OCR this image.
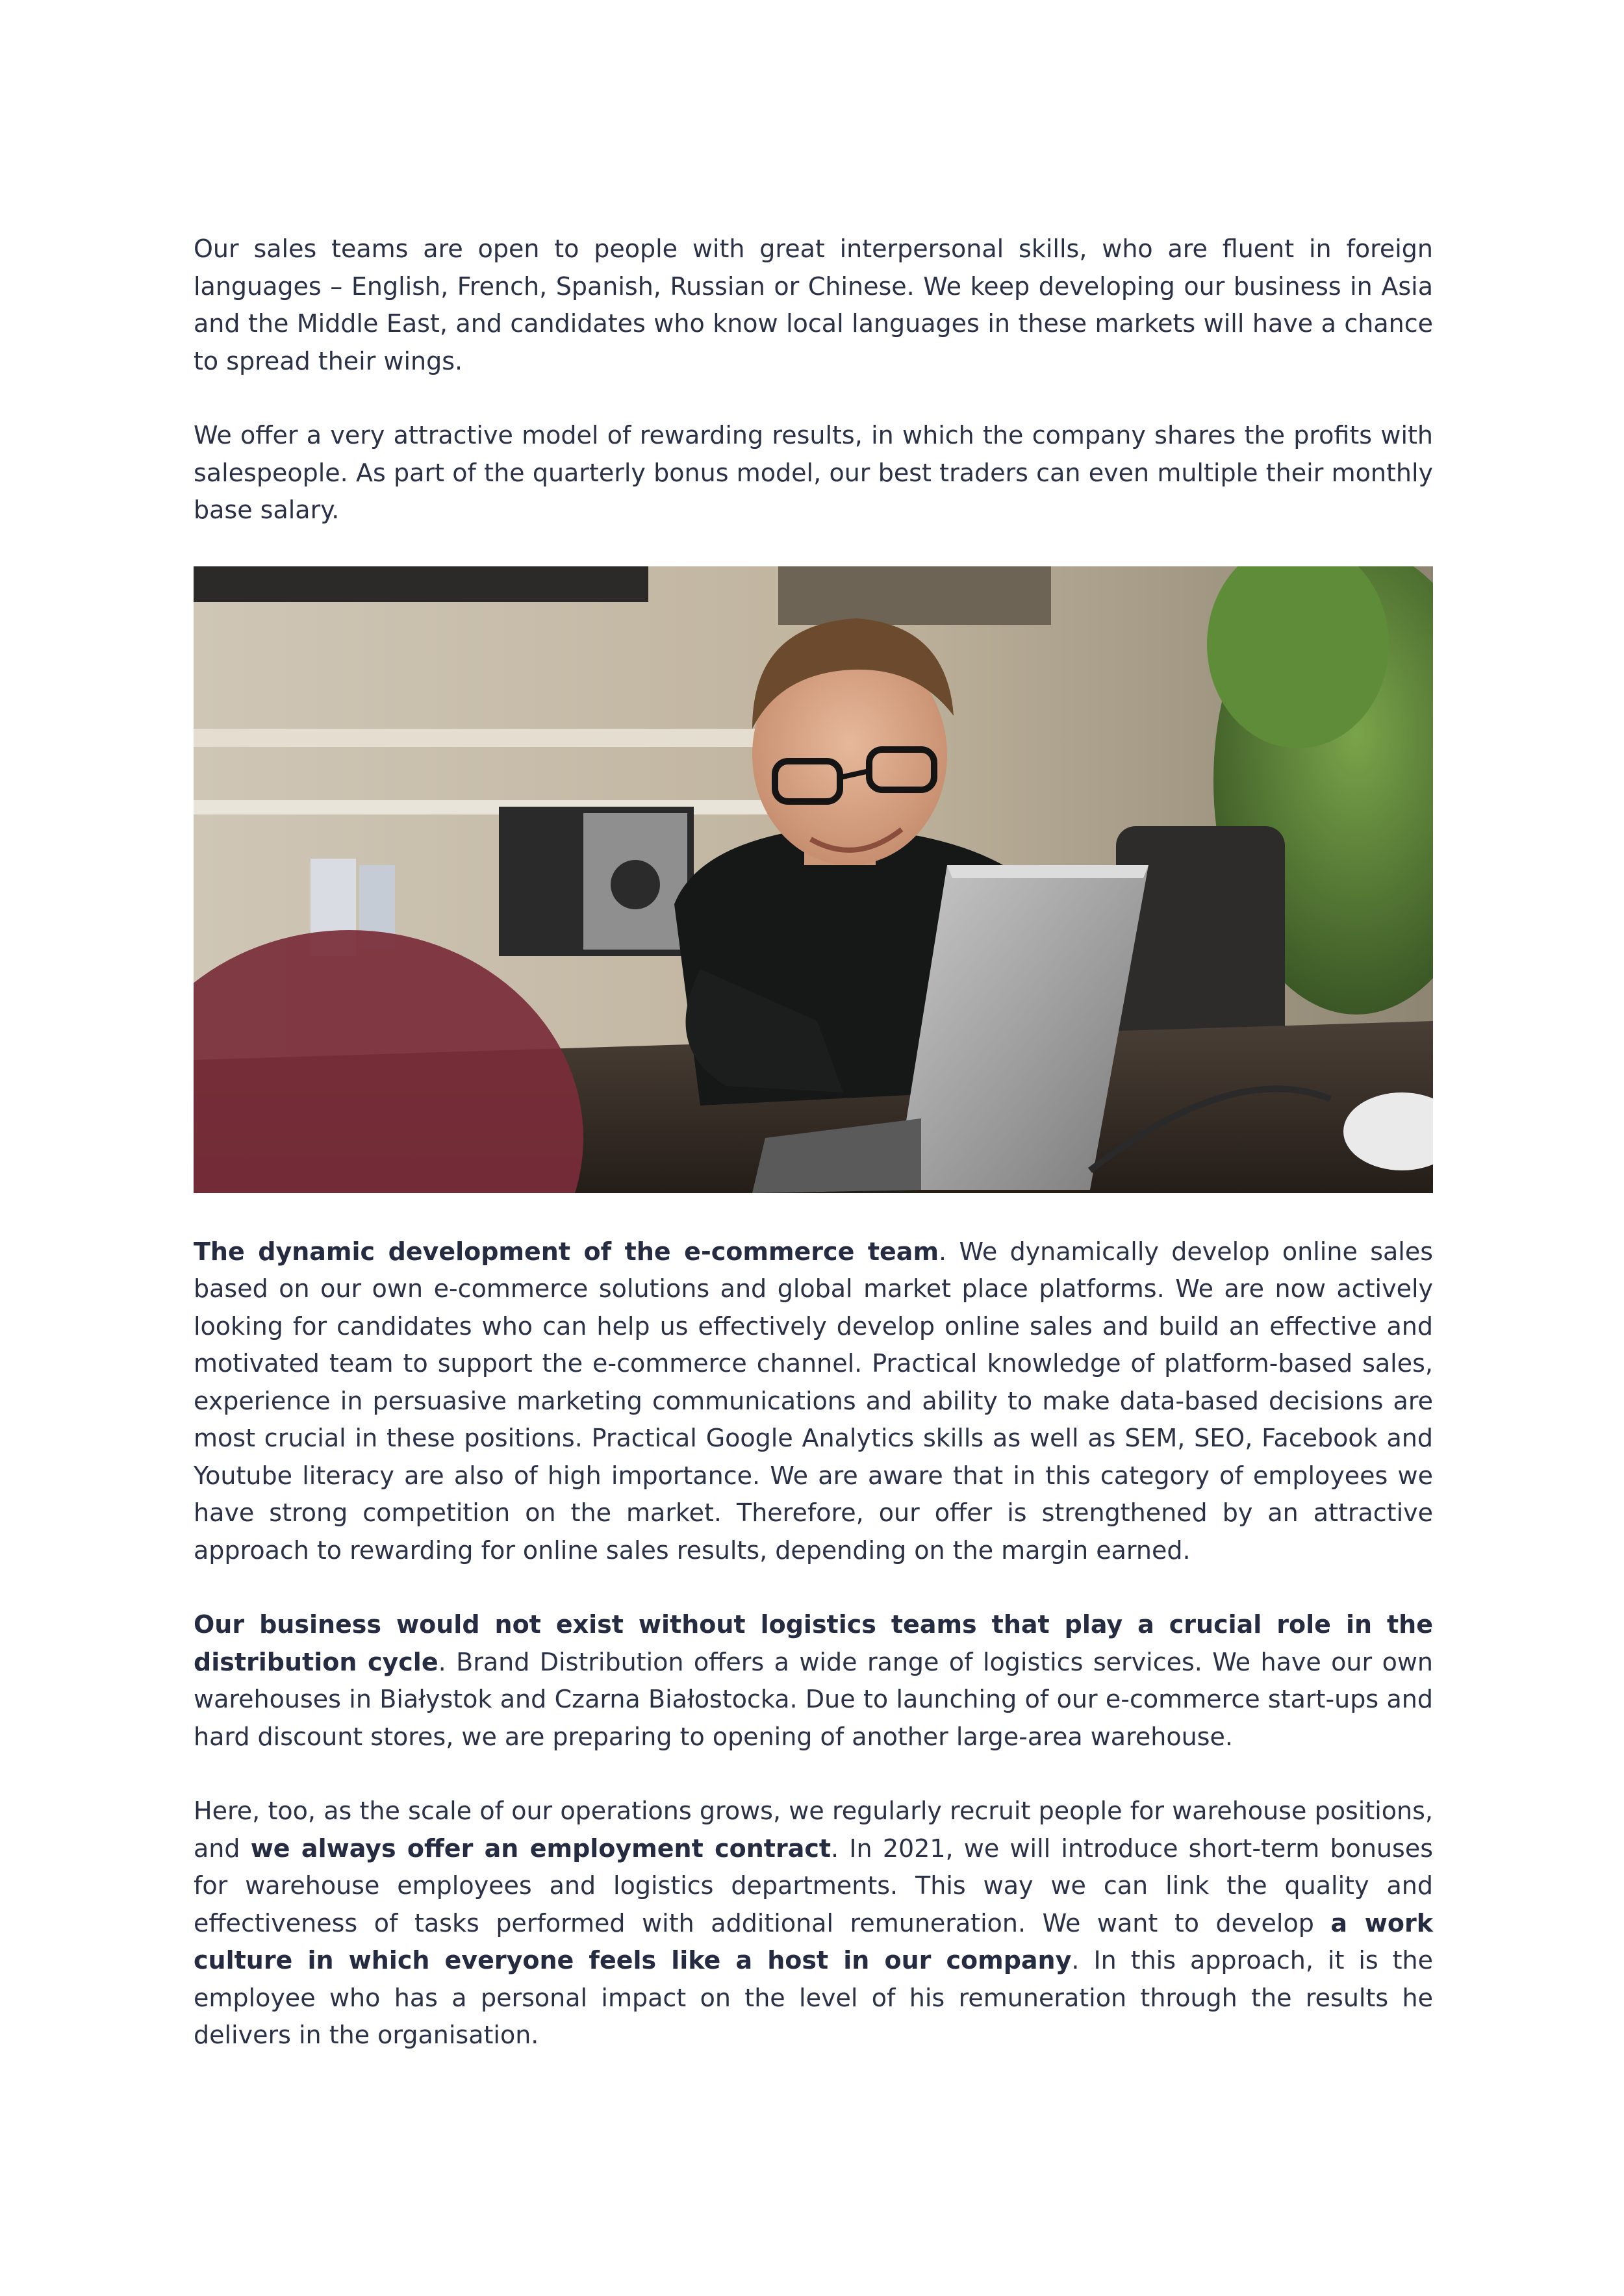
Our sales teams are open to people with great interpersonal skills, who are fluent in foreign languages – English, French, Spanish, Russian or Chinese. We keep developing our business in Asia and the Middle East, and candidates who know local languages in these markets will have a chance to spread their wings.

We offer a very attractive model of rewarding results, in which the company shares the profits with salespeople. As part of the quarterly bonus model, our best traders can even multiple their monthly base salary.

The dynamic development of the e-commerce team. We dynamically develop online sales based on our own e-commerce solutions and global market place platforms. We are now actively looking for candidates who can help us effectively develop online sales and build an effective and motivated team to support the e-commerce channel. Practical knowledge of platform-based sales, experience in persuasive marketing communications and ability to make data-based decisions are most crucial in these positions. Practical Google Analytics skills as well as SEM, SEO, Facebook and Youtube literacy are also of high importance. We are aware that in this category of employees we have strong competition on the market. Therefore, our offer is strengthened by an attractive approach to rewarding for online sales results, depending on the margin earned.

Our business would not exist without logistics teams that play a crucial role in the distribution cycle. Brand Distribution offers a wide range of logistics services. We have our own warehouses in Białystok and Czarna Białostocka. Due to launching of our e-commerce start-ups and hard discount stores, we are preparing to opening of another large-area warehouse.

Here, too, as the scale of our operations grows, we regularly recruit people for warehouse positions, and we always offer an employment contract. In 2021, we will introduce short-term bonuses for warehouse employees and logistics departments. This way we can link the quality and effectiveness of tasks performed with additional remuneration. We want to develop a work culture in which everyone feels like a host in our company. In this approach, it is the employee who has a personal impact on the level of his remuneration through the results he delivers in the organisation.
